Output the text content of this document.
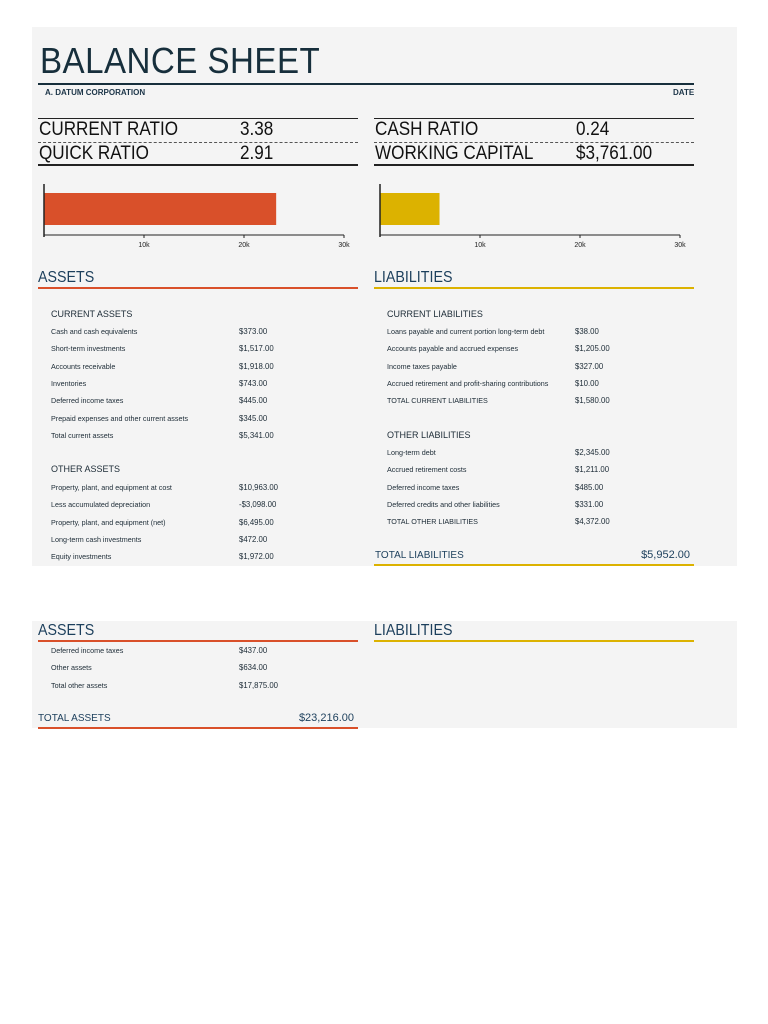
BALANCE SHEET
A. DATUM CORPORATION	DATE
CURRENT RATIO	3.38
QUICK RATIO	2.91
CASH RATIO	0.24
WORKING CAPITAL $3,761.00
10k	20k	30k	10k	20k	30k
ASSETS	LIABILITIES
CURRENT ASSETS
Cash and cash equivalents	$373.00
Short-term investments	$1,517.00
Accounts receivable	$1,918.00
Inventories	$743.00
Deferred income taxes	$445.00
Prepaid expenses and other current assets	$345.00
Total current assets	$5,341.00
OTHER ASSETS
Property, plant, and equipment at cost	$10,963.00
Less accumulated depreciation	-$3,098.00
Property, plant, and equipment (net)	$6,495.00
Long-term cash investments	$472.00
Equity investments	$1,972.00
CURRENT LIABILITIES
Loans payable and current portion long-term debt	$38.00
Accounts payable and accrued expenses	$1,205.00
Income taxes payable	$327.00
Accrued retirement and profit-sharing contributions	$10.00
TOTAL CURRENT LIABILITIES	$1,580.00
OTHER LIABILITIES
Long-term debt	$2,345.00
Accrued retirement costs	$1,211.00
Deferred income taxes	$485.00
Deferred credits and other liabilities	$331.00
TOTAL OTHER LIABILITIES	$4,372.00
TOTAL LIABILITIES	$5,952.00
ASSETS	LIABILITIES
Deferred income taxes	$437.00
Other assets	$634.00
Total other assets	$17,875.00
TOTAL ASSETS	$23,216.00
